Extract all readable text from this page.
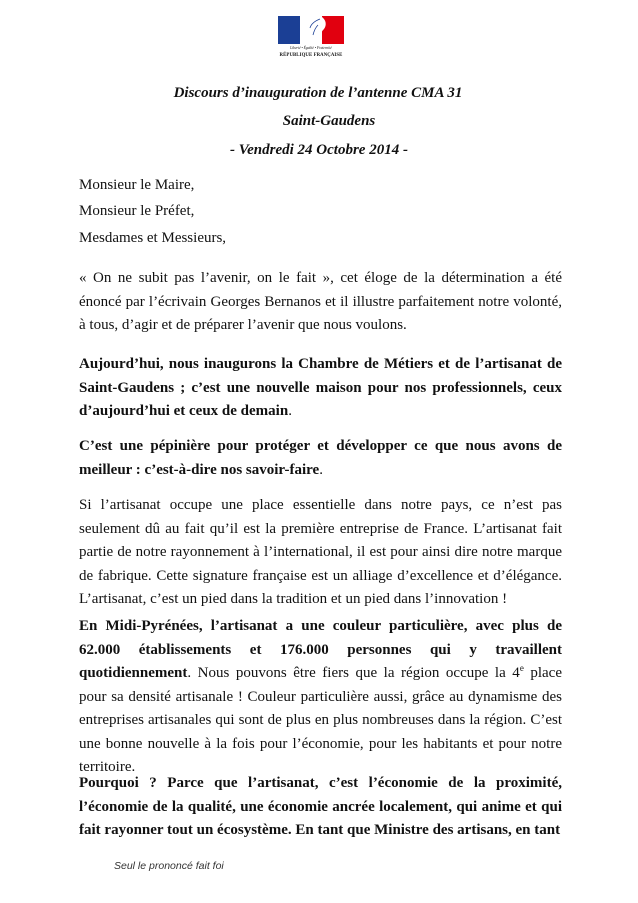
Liberté • Égalité • Fraternité
RÉPUBLIQUE FRANÇAISE
Discours d’inauguration de l’antenne CMA 31
Saint-Gaudens
- Vendredi 24 Octobre 2014 -
Monsieur le Maire,
Monsieur le Préfet,
Mesdames et Messieurs,
« On ne subit pas l’avenir, on le fait », cet éloge de la détermination a été énoncé par l’écrivain Georges Bernanos et il illustre parfaitement notre volonté, à tous, d’agir et de préparer l’avenir que nous voulons.
Aujourd’hui, nous inaugurons la Chambre de Métiers et de l’artisanat de Saint-Gaudens ; c’est une nouvelle maison pour nos professionnels, ceux d’aujourd’hui et ceux de demain.
C’est une pépinière pour protéger et développer ce que nous avons de meilleur : c’est-à-dire nos savoir-faire.
Si l’artisanat occupe une place essentielle dans notre pays, ce n’est pas seulement dû au fait qu’il est la première entreprise de France. L’artisanat fait partie de notre rayonnement à l’international, il est pour ainsi dire notre marque de fabrique. Cette signature française est un alliage d’excellence et d’élégance. L’artisanat, c’est un pied dans la tradition et un pied dans l’innovation !
En Midi-Pyrénées, l’artisanat a une couleur particulière, avec plus de 62.000 établissements et 176.000 personnes qui y travaillent quotidiennement. Nous pouvons être fiers que la région occupe la 4e place pour sa densité artisanale ! Couleur particulière aussi, grâce au dynamisme des entreprises artisanales qui sont de plus en plus nombreuses dans la région. C’est une bonne nouvelle à la fois pour l’économie, pour les habitants et pour notre territoire.
Pourquoi ? Parce que l’artisanat, c’est l’économie de la proximité, l’économie de la qualité, une économie ancrée localement, qui anime et qui fait rayonner tout un écosystème. En tant que Ministre des artisans, en tant
Seul le prononcé fait foi
